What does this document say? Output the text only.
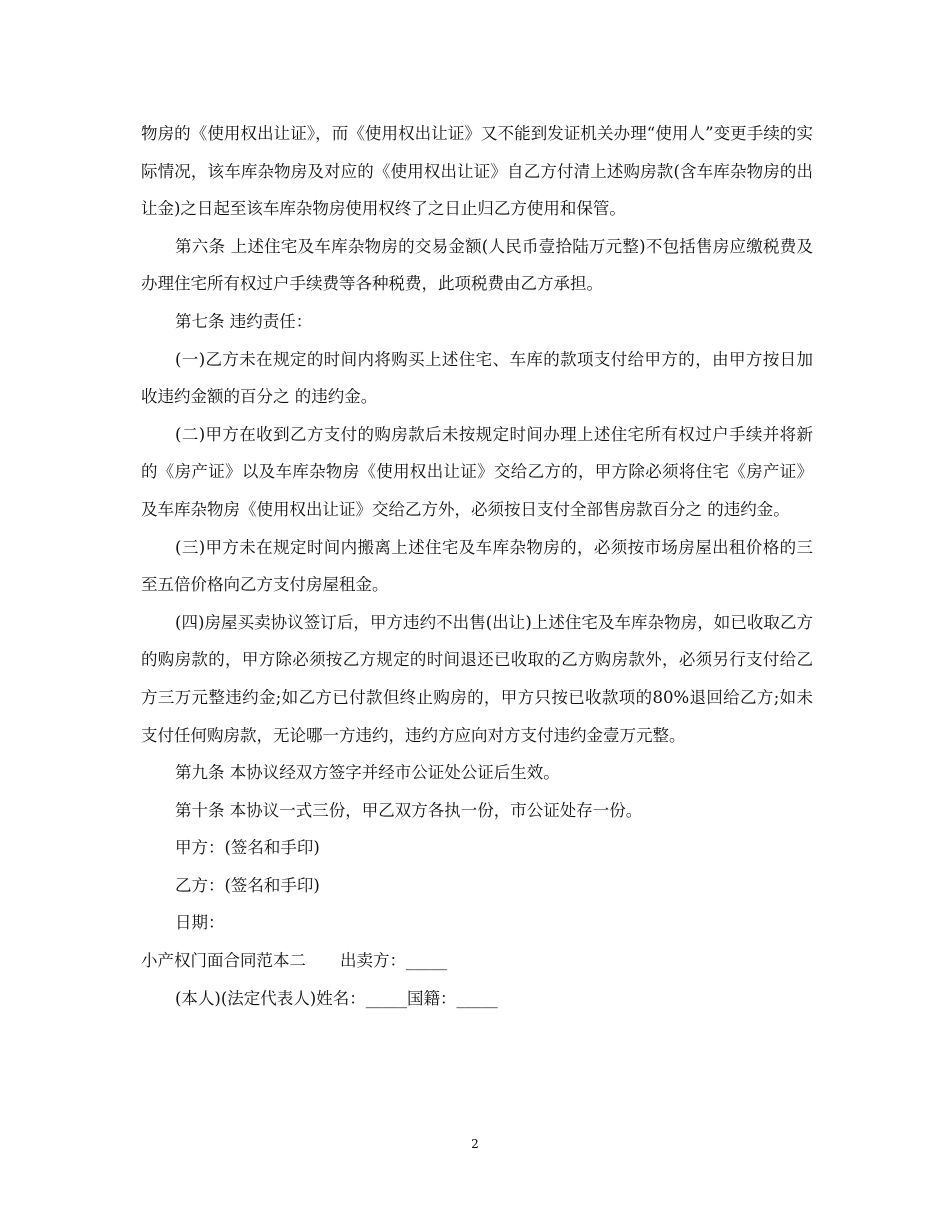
物房的《使用权出让证》，而《使用权出让证》又不能到发证机关办理“使用人”变更手续的实际情况，该车库杂物房及对应的《使用权出让证》自乙方付清上述购房款(含车库杂物房的出让金)之日起至该车库杂物房使用权终了之日止归乙方使用和保管。

第六条 上述住宅及车库杂物房的交易金额(人民币壹拾陆万元整)不包括售房应缴税费及办理住宅所有权过户手续费等各种税费，此项税费由乙方承担。

第七条 违约责任：

(一)乙方未在规定的时间内将购买上述住宅、车库的款项支付给甲方的，由甲方按日加收违约金额的百分之 的违约金。

(二)甲方在收到乙方支付的购房款后未按规定时间办理上述住宅所有权过户手续并将新的《房产证》以及车库杂物房《使用权出让证》交给乙方的，甲方除必须将住宅《房产证》及车库杂物房《使用权出让证》交给乙方外，必须按日支付全部售房款百分之 的违约金。

(三)甲方未在规定时间内搬离上述住宅及车库杂物房的，必须按市场房屋出租价格的三至五倍价格向乙方支付房屋租金。

(四)房屋买卖协议签订后，甲方违约不出售(出让)上述住宅及车库杂物房，如已收取乙方的购房款的，甲方除必须按乙方规定的时间退还已收取的乙方购房款外，必须另行支付给乙方三万元整违约金;如乙方已付款但终止购房的，甲方只按已收款项的80%退回给乙方;如未支付任何购房款，无论哪一方违约，违约方应向对方支付违约金壹万元整。

第九条 本协议经双方签字并经市公证处公证后生效。

第十条 本协议一式三份，甲乙双方各执一份，市公证处存一份。

甲方：(签名和手印)

乙方：(签名和手印)

日期：

小产权门面合同范本二 出卖方：_____

(本人)(法定代表人)姓名：_____国籍：_____

2
